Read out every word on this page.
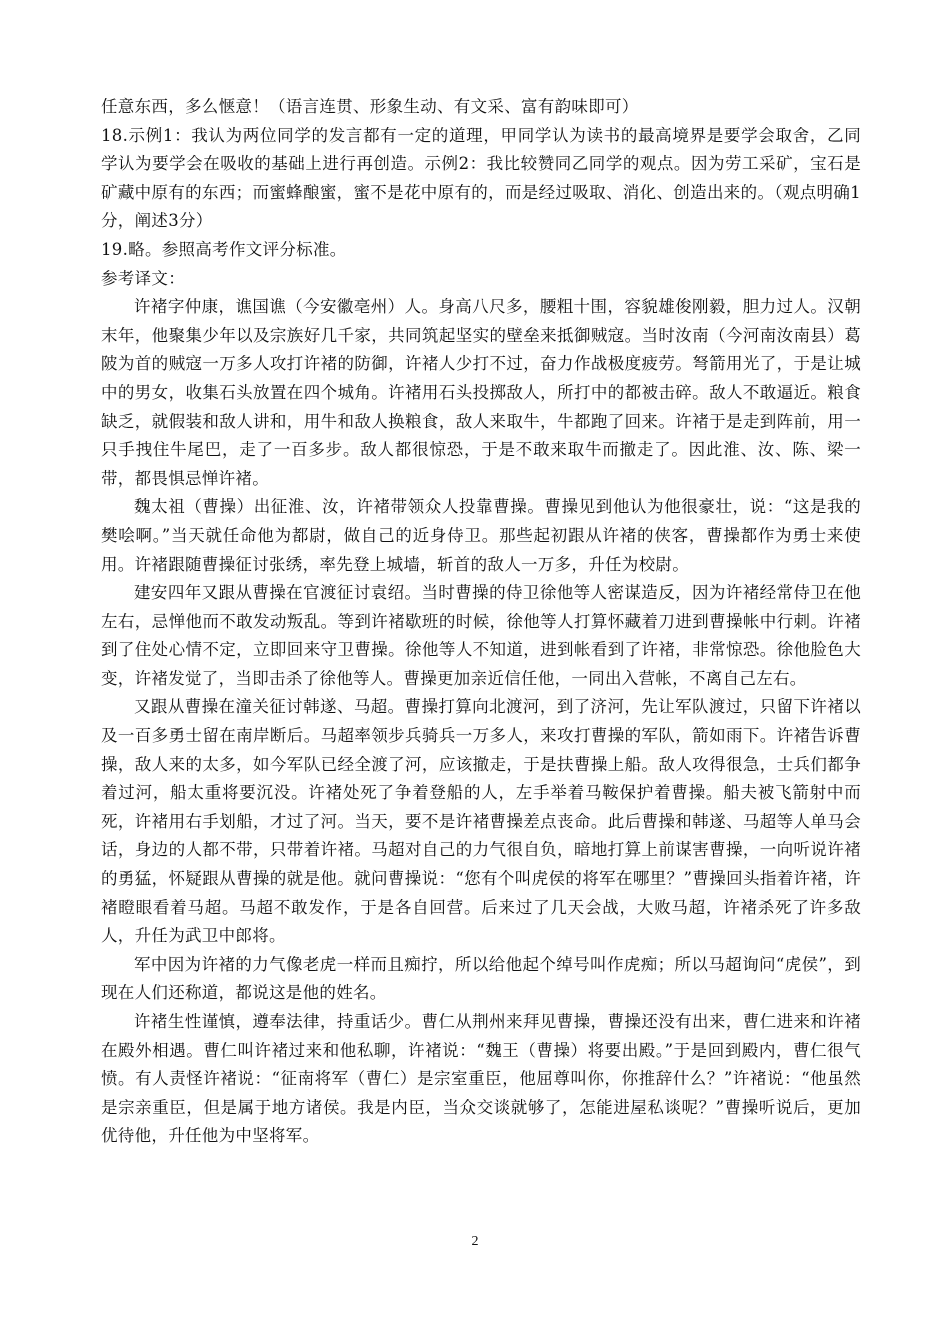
任意东西，多么惬意！（语言连贯、形象生动、有文采、富有韵味即可）

18.示例1：我认为两位同学的发言都有一定的道理，甲同学认为读书的最高境界是要学会取舍，乙同学认为要学会在吸收的基础上进行再创造。示例2：我比较赞同乙同学的观点。因为劳工采矿，宝石是矿藏中原有的东西；而蜜蜂酿蜜，蜜不是花中原有的，而是经过吸取、消化、创造出来的。（观点明确1分，阐述3分）

19.略。参照高考作文评分标准。

参考译文：

许褚字仲康，谯国谯（今安徽亳州）人。身高八尺多，腰粗十围，容貌雄俊刚毅，胆力过人。汉朝末年，他聚集少年以及宗族好几千家，共同筑起坚实的壁垒来抵御贼寇。当时汝南（今河南汝南县）葛陂为首的贼寇一万多人攻打许褚的防御，许褚人少打不过，奋力作战极度疲劳。弩箭用光了，于是让城中的男女，收集石头放置在四个城角。许褚用石头投掷敌人，所打中的都被击碎。敌人不敢逼近。粮食缺乏，就假装和敌人讲和，用牛和敌人换粮食，敌人来取牛，牛都跑了回来。许褚于是走到阵前，用一只手拽住牛尾巴，走了一百多步。敌人都很惊恐，于是不敢来取牛而撤走了。因此淮、汝、陈、梁一带，都畏惧忌惮许褚。

魏太祖（曹操）出征淮、汝，许褚带领众人投靠曹操。曹操见到他认为他很豪壮，说：“这是我的樊哙啊。”当天就任命他为都尉，做自己的近身侍卫。那些起初跟从许褚的侠客，曹操都作为勇士来使用。许褚跟随曹操征讨张绣，率先登上城墙，斩首的敌人一万多，升任为校尉。

建安四年又跟从曹操在官渡征讨袁绍。当时曹操的侍卫徐他等人密谋造反，因为许褚经常侍卫在他左右，忌惮他而不敢发动叛乱。等到许褚歇班的时候，徐他等人打算怀藏着刀进到曹操帐中行刺。许褚到了住处心情不定，立即回来守卫曹操。徐他等人不知道，进到帐看到了许褚，非常惊恐。徐他脸色大变，许褚发觉了，当即击杀了徐他等人。曹操更加亲近信任他，一同出入营帐，不离自己左右。

又跟从曹操在潼关征讨韩遂、马超。曹操打算向北渡河，到了济河，先让军队渡过，只留下许褚以及一百多勇士留在南岸断后。马超率领步兵骑兵一万多人，来攻打曹操的军队，箭如雨下。许褚告诉曹操，敌人来的太多，如今军队已经全渡了河，应该撤走，于是扶曹操上船。敌人攻得很急，士兵们都争着过河，船太重将要沉没。许褚处死了争着登船的人，左手举着马鞍保护着曹操。船夫被飞箭射中而死，许褚用右手划船，才过了河。当天，要不是许褚曹操差点丧命。此后曹操和韩遂、马超等人单马会话，身边的人都不带，只带着许褚。马超对自己的力气很自负，暗地打算上前谋害曹操，一向听说许褚的勇猛，怀疑跟从曹操的就是他。就问曹操说：“您有个叫虎侯的将军在哪里？”曹操回头指着许褚，许褚瞪眼看着马超。马超不敢发作，于是各自回营。后来过了几天会战，大败马超，许褚杀死了许多敌人，升任为武卫中郎将。

军中因为许褚的力气像老虎一样而且痴拧，所以给他起个绰号叫作虎痴；所以马超询问“虎侯”，到现在人们还称道，都说这是他的姓名。

许褚生性谨慎，遵奉法律，持重话少。曹仁从荆州来拜见曹操，曹操还没有出来，曹仁进来和许褚在殿外相遇。曹仁叫许褚过来和他私聊，许褚说：“魏王（曹操）将要出殿。”于是回到殿内，曹仁很气愤。有人责怪许褚说：“征南将军（曹仁）是宗室重臣，他屈尊叫你，你推辞什么？”许褚说：“他虽然是宗亲重臣，但是属于地方诸侯。我是内臣，当众交谈就够了，怎能进屋私谈呢？”曹操听说后，更加优待他，升任他为中坚将军。

2
